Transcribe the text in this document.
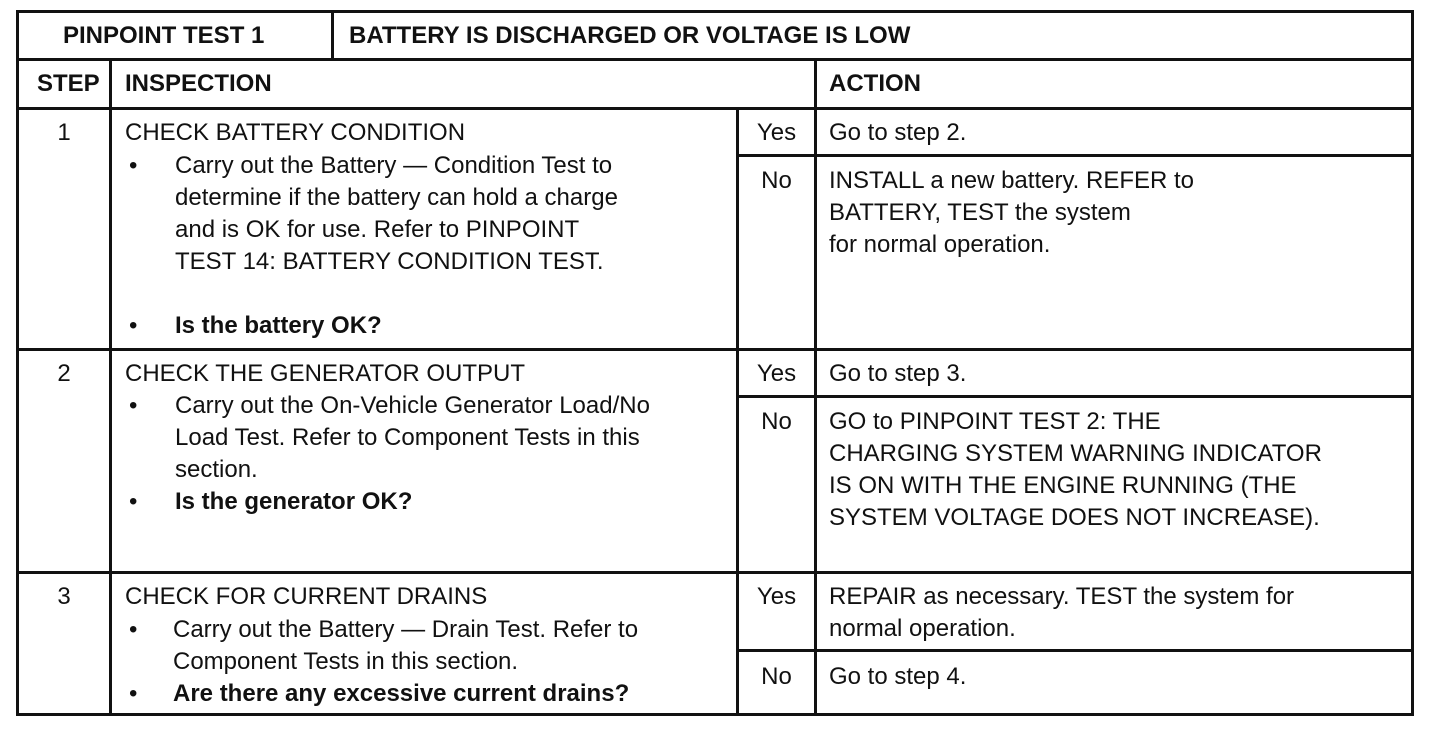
PINPOINT TEST 1	BATTERY IS DISCHARGED OR VOLTAGE IS LOW
STEP INSPECTION	ACTION
1	CHECK BATTERY CONDITION
• Carry out the Battery — Condition Test to
determine if the battery can hold a charge
and is OK for use. Refer to PINPOINT
TEST 14: BATTERY CONDITION TEST.
• Is the battery OK?
Yes	Go to step 2.
No	INSTALL a new battery. REFER to
BATTERY, TEST the system
for normal operation.
2	CHECK THE GENERATOR OUTPUT
• Carry out the On-Vehicle Generator Load/No
Load Test. Refer to Component Tests in this
section.
• Is the generator OK?
Yes	Go to step 3.
No	GO to PINPOINT TEST 2: THE
CHARGING SYSTEM WARNING INDICATOR
IS ON WITH THE ENGINE RUNNING (THE
SYSTEM VOLTAGE DOES NOT INCREASE).
3	CHECK FOR CURRENT DRAINS
• Carry out the Battery — Drain Test. Refer to
Component Tests in this section.
• Are there any excessive current drains?
Yes	REPAIR as necessary. TEST the system for
normal operation.
No	Go to step 4.
